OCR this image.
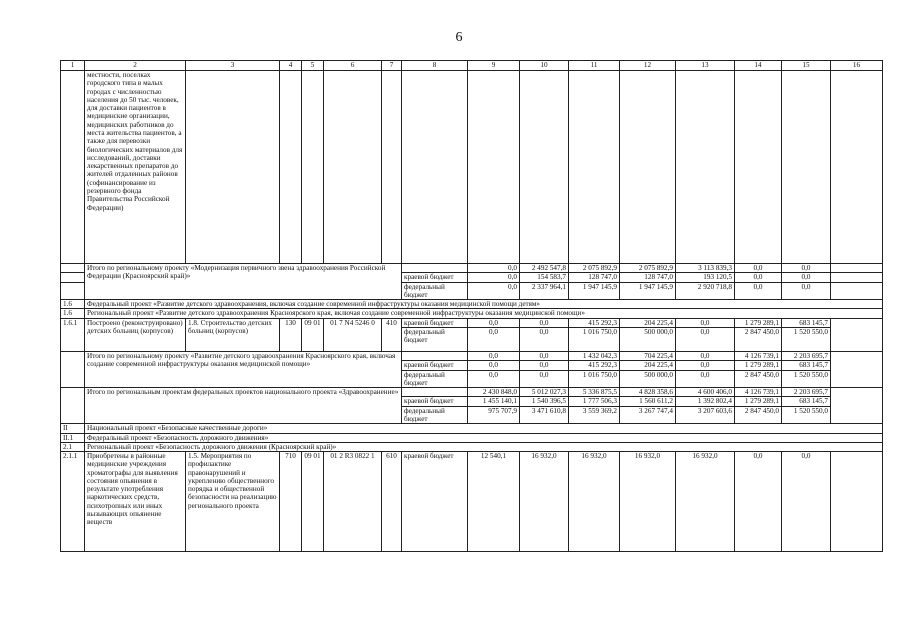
6
1	2	3	4	5	6	7	8	9	10	11	12	13	14	15	16
	местности, поселках городского типа в малых городах с численностью населения до 50 тыс. человек, для доставки пациентов в медицинские организации, медицинских работников до места жительства пациентов, а также для перевозки биологических материалов для исследований, доставки лекарственных препаратов до жителей отдаленных районов (софинансирование из резервного фонда Правительства Российской Федерации)														
	Итого по региональному проекту «Модернизация первичного звена здравоохранения Российской Федерации (Красноярский край)»							0,0	2 492 547,8	2 075 892,9	2 075 892,9	3 113 839,3	0,0	0,0	
							краевой бюджет	0,0	154 583,7	128 747,0	128 747,0	193 120,5	0,0	0,0	
							федеральный бюджет	0,0	2 337 964,1	1 947 145,9	1 947 145,9	2 920 718,8	0,0	0,0	
1.6	Федеральный проект «Развитие детского здравоохранения, включая создание современной инфраструктуры оказания медицинской помощи детям»														
1.6	Региональный проект «Развитие детского здравоохранения Красноярского края, включая создание современной инфраструктуры оказания медицинской помощи»														
1.6.1	Построено (реконструировано) детских больниц (корпусов)	1.8. Строительство детских больниц (корпусов)	130	09 01	01 7 N4 5246 0	410	краевой бюджет	0,0	0,0	415 292,3	204 225,4	0,0	1 279 289,1	683 145,7	
							федеральный бюджет	0,0	0,0	1 016 750,0	500 000,0	0,0	2 847 450,0	1 520 550,0	
	Итого по региональному проекту «Развитие детского здравоохранения Красноярского края, включая создание современной инфраструктуры оказания медицинской помощи»							0,0	0,0	1 432 042,3	704 225,4	0,0	4 126 739,1	2 203 695,7	
							краевой бюджет	0,0	0,0	415 292,3	204 225,4	0,0	1 279 289,1	683 145,7	
							федеральный бюджет	0,0	0,0	1 016 750,0	500 000,0	0,0	2 847 450,0	1 520 550,0	
	Итого по региональным проектам федеральных проектов национального проекта «Здравоохранение»							2 430 848,0	5 012 027,3	5 336 875,5	4 828 358,6	4 600 406,0	4 126 739,1	2 203 695,7	
							краевой бюджет	1 455 140,1	1 540 396,5	1 777 506,3	1 560 611,2	1 392 802,4	1 279 289,1	683 145,7	
							федеральный бюджет	975 707,9	3 471 610,8	3 559 369,2	3 267 747,4	3 207 603,6	2 847 450,0	1 520 550,0	
II	Национальный проект «Безопасные качественные дороги»														
II.1	Федеральный проект «Безопасность дорожного движения»														
2.1	Региональный проект «Безопасность дорожного движения (Красноярский край)»														
2.1.1	Приобретены в районные медицинские учреждения хроматографы для выявления состояния опьянения в результате употребления наркотических средств, психотропных или иных вызывающих опьянение веществ	1.5. Мероприятия по профилактике правонарушений и укреплению общественного порядка и общественной безопасности на реализацию регионального проекта	710	09 01	01 2 R3 0822 1	610	краевой бюджет	12 540,1	16 932,0	16 932,0	16 932,0	16 932,0	0,0	0,0	
